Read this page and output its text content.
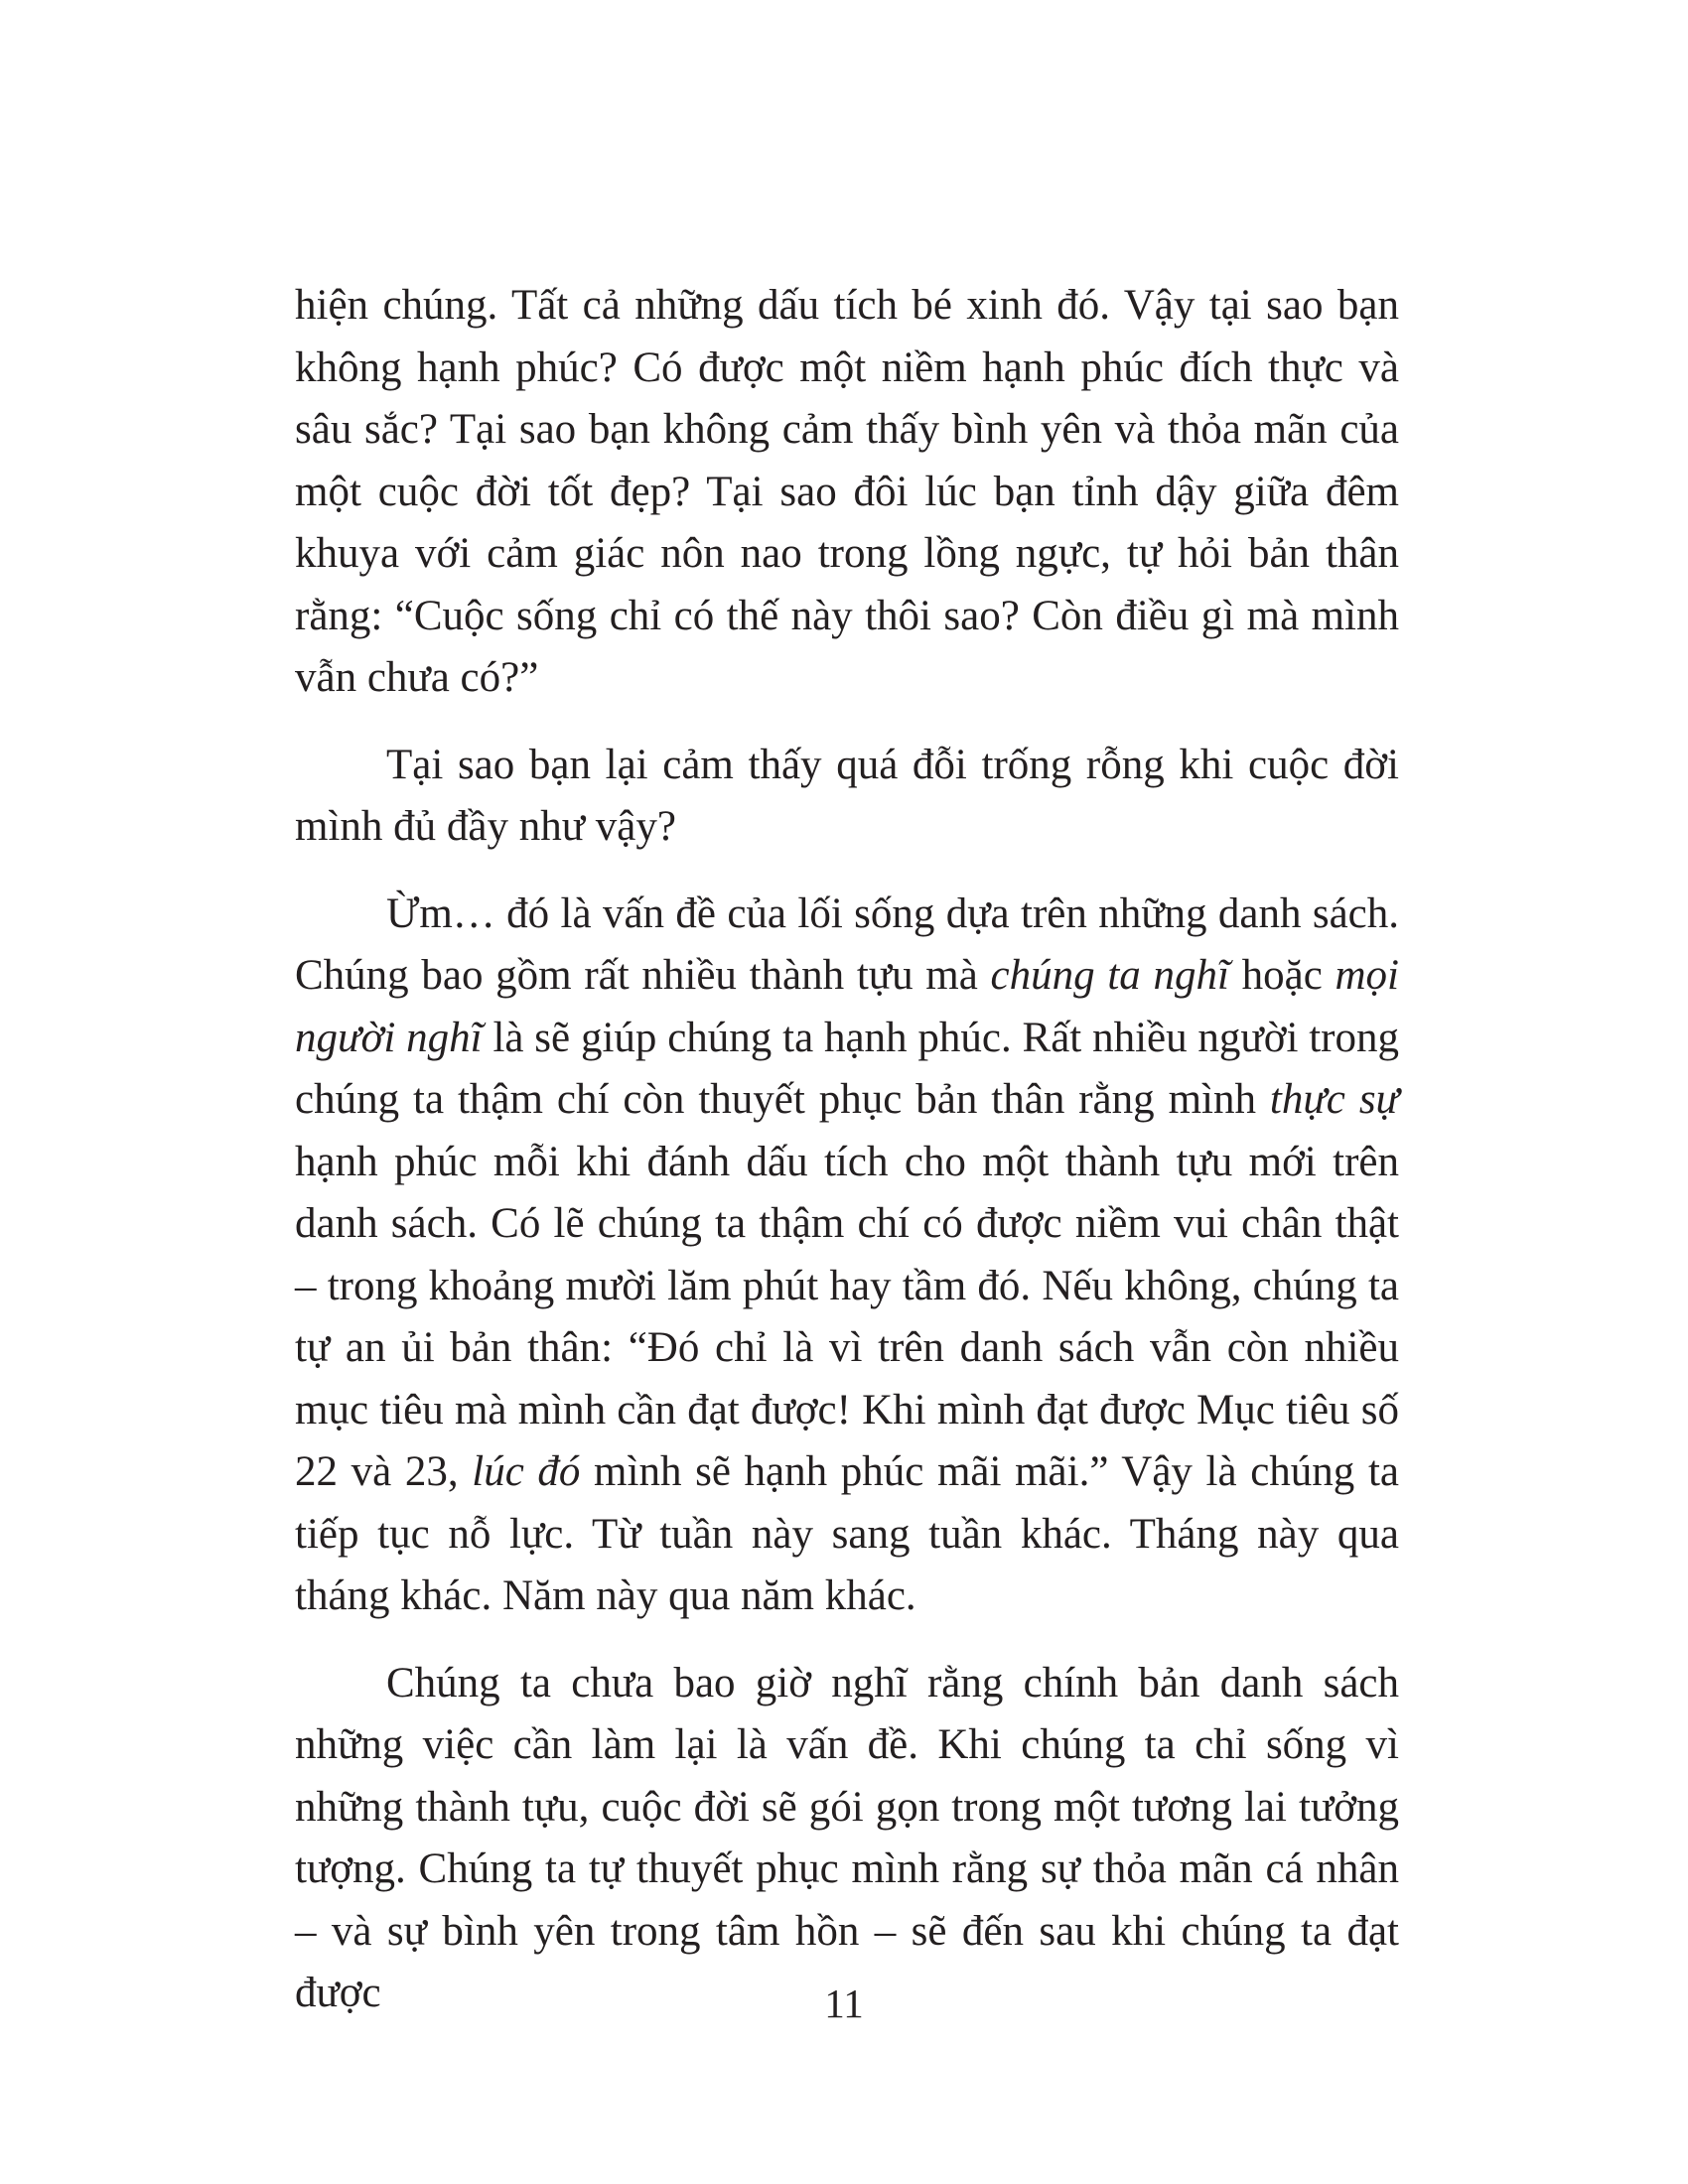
hiện chúng. Tất cả những dấu tích bé xinh đó. Vậy tại sao bạn không hạnh phúc? Có được một niềm hạnh phúc đích thực và sâu sắc? Tại sao bạn không cảm thấy bình yên và thỏa mãn của một cuộc đời tốt đẹp? Tại sao đôi lúc bạn tỉnh dậy giữa đêm khuya với cảm giác nôn nao trong lồng ngực, tự hỏi bản thân rằng: “Cuộc sống chỉ có thế này thôi sao? Còn điều gì mà mình vẫn chưa có?”

Tại sao bạn lại cảm thấy quá đỗi trống rỗng khi cuộc đời mình đủ đầy như vậy?

Ừm… đó là vấn đề của lối sống dựa trên những danh sách. Chúng bao gồm rất nhiều thành tựu mà chúng ta nghĩ hoặc mọi người nghĩ là sẽ giúp chúng ta hạnh phúc. Rất nhiều người trong chúng ta thậm chí còn thuyết phục bản thân rằng mình thực sự hạnh phúc mỗi khi đánh dấu tích cho một thành tựu mới trên danh sách. Có lẽ chúng ta thậm chí có được niềm vui chân thật – trong khoảng mười lăm phút hay tầm đó. Nếu không, chúng ta tự an ủi bản thân: “Đó chỉ là vì trên danh sách vẫn còn nhiều mục tiêu mà mình cần đạt được! Khi mình đạt được Mục tiêu số 22 và 23, lúc đó mình sẽ hạnh phúc mãi mãi.” Vậy là chúng ta tiếp tục nỗ lực. Từ tuần này sang tuần khác. Tháng này qua tháng khác. Năm này qua năm khác.

Chúng ta chưa bao giờ nghĩ rằng chính bản danh sách những việc cần làm lại là vấn đề. Khi chúng ta chỉ sống vì những thành tựu, cuộc đời sẽ gói gọn trong một tương lai tưởng tượng. Chúng ta tự thuyết phục mình rằng sự thỏa mãn cá nhân – và sự bình yên trong tâm hồn – sẽ đến sau khi chúng ta đạt được	11
